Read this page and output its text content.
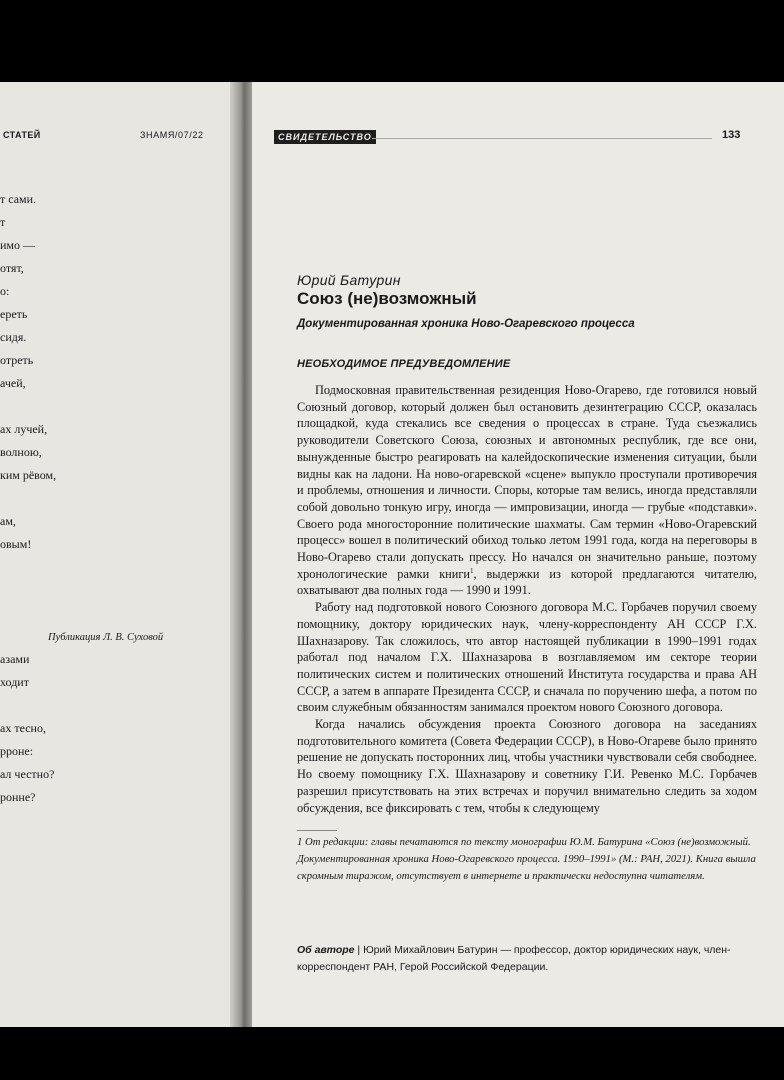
СТАТЕЙ	ЗНАМЯ/07/22
т сами.
т
имо —
отят,
о:
ереть
сидя.
отреть
ачей,
ах лучей,
волною,
ким рёвом,
ам,
овым!
азами
ходит
ах тесно,
рроне:
ал честно?
ронне?
Публикация Л. В. Суховой
СВИДЕТЕЛЬСТВО	133
Юрий Батурин
Союз (не)возможный
Документированная хроника Ново-Огаревского процесса
НЕОБХОДИМОЕ ПРЕДУВЕДОМЛЕНИЕ

Подмосковная правительственная резиденция Ново-Огарево, где готовился новый Союзный договор, который должен был остановить дезинтеграцию СССР, оказалась площадкой, куда стекались все сведения о процессах в стране. Туда съезжались руководители Советского Союза, союзных и автономных республик, где все они, вынужденные быстро реагировать на калейдоскопические изменения ситуации, были видны как на ладони. На ново-огаревской «сцене» выпукло проступали противоречия и проблемы, отношения и личности. Споры, которые там велись, иногда представляли собой довольно тонкую игру, иногда — импровизации, иногда — грубые «подставки». Своего рода многосторонние политические шахматы. Сам термин «Ново-Огаревский процесс» вошел в политический обиход только летом 1991 года, когда на переговоры в Ново-Огарево стали допускать прессу. Но начался он значительно раньше, поэтому хронологические рамки книги$^1$, выдержки из которой предлагаются читателю, охватывают два полных года — 1990 и 1991.

Работу над подготовкой нового Союзного договора М.С. Горбачев поручил своему помощнику, доктору юридических наук, члену-корреспонденту АН СССР Г.Х. Шахназарову. Так сложилось, что автор настоящей публикации в 1990–1991 годах работал под началом Г.Х. Шахназарова в возглавляемом им секторе теории политических систем и политических отношений Института государства и права АН СССР, а затем в аппарате Президента СССР, и сначала по поручению шефа, а потом по своим служебным обязанностям занимался проектом нового Союзного договора.

Когда начались обсуждения проекта Союзного договора на заседаниях подготовительного комитета (Совета Федерации СССР), в Ново-Огареве было принято решение не допускать посторонних лиц, чтобы участники чувствовали себя свободнее. Но своему помощнику Г.Х. Шахназарову и советнику Г.И. Ревенко М.С. Горбачев разрешил присутствовать на этих встречах и поручил внимательно следить за ходом обсуждения, все фиксировать с тем, чтобы к следующему

1 От редакции: главы печатаются по тексту монографии Ю.М. Батурина «Союз (не)возможный. Документированная хроника Ново-Огаревского процесса. 1990–1991» (М.: РАН, 2021). Книга вышла скромным тиражом, отсутствует в интернете и практически недоступна читателям.
Об авторе | Юрий Михайлович Батурин — профессор, доктор юридических наук, член-корреспондент РАН, Герой Российской Федерации.
